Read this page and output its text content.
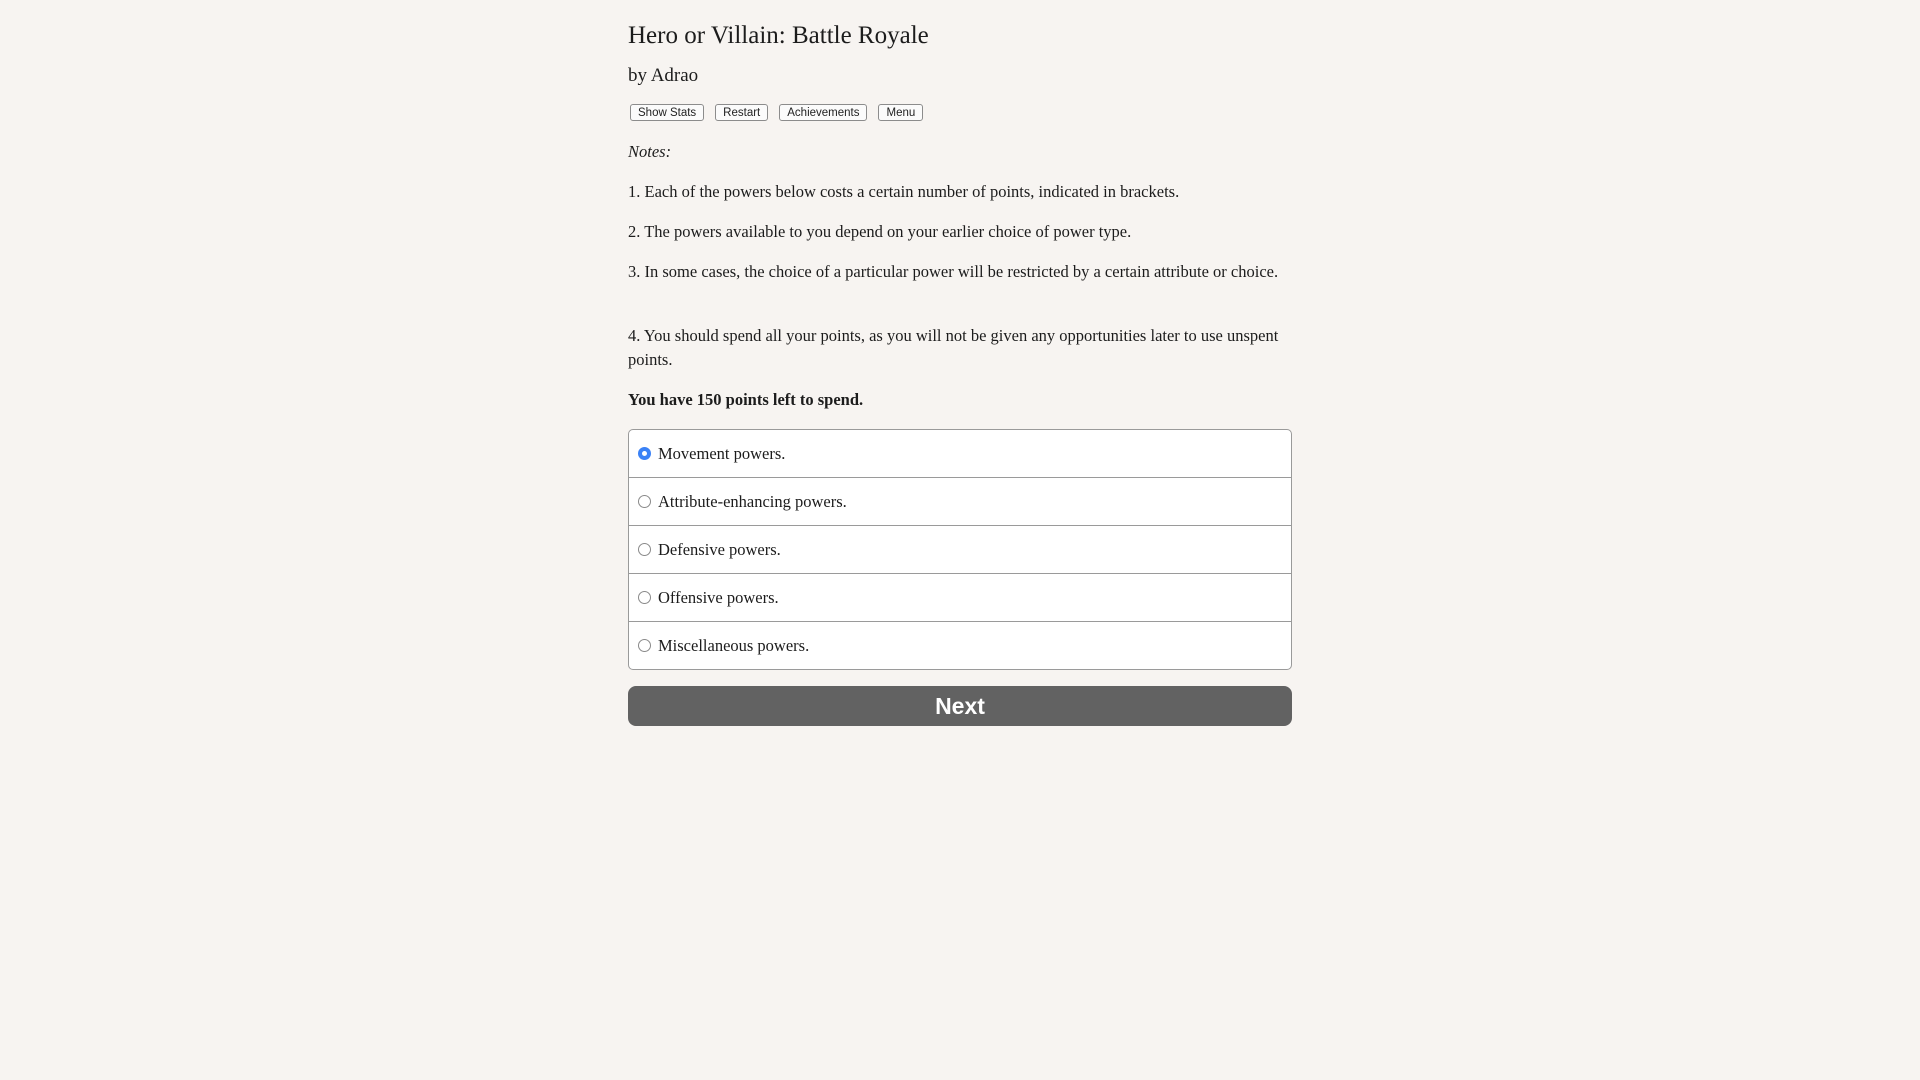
Hero or Villain: Battle Royale
by Adrao
Show Stats	Restart	Achievements	Menu
Notes:
1. Each of the powers below costs a certain number of points, indicated in brackets.
2. The powers available to you depend on your earlier choice of power type.
3. In some cases, the choice of a particular power will be restricted by a certain attribute or choice.
4. You should spend all your points, as you will not be given any opportunities later to use unspent points.
You have 150 points left to spend.
Movement powers.
Attribute-enhancing powers.
Defensive powers.
Offensive powers.
Miscellaneous powers.
Next
